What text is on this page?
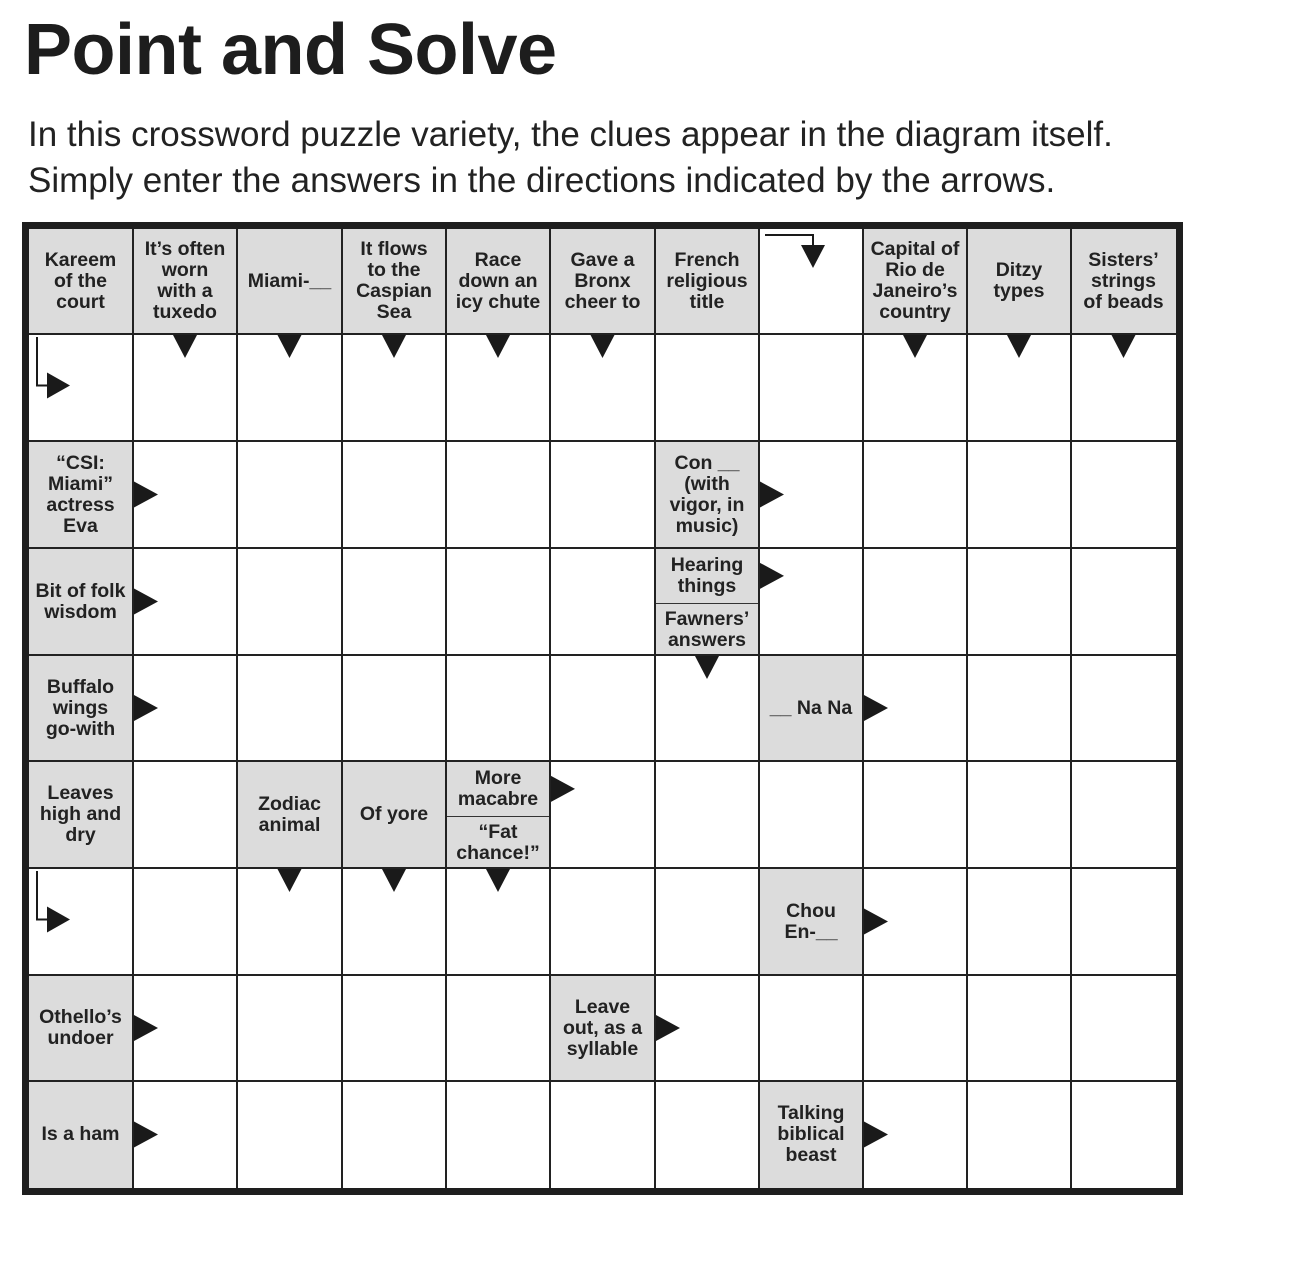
Point and Solve
In this crossword puzzle variety, the clues appear in the diagram itself.
Simply enter the answers in the directions indicated by the arrows.
Kareem
of the
court
It’s often
worn
with a
tuxedo
Miami-__
It flows
to the
Caspian
Sea
Race
down an
icy chute
Gave a
Bronx
cheer to
French
religious
title
Capital of
Rio de
Janeiro’s
country
Ditzy
types
Sisters’
strings
of beads
“CSI:
Miami”
actress
Eva
Con __
(with
vigor, in
music)
Bit of folk
wisdom
Hearing
things
Fawners’
answers
Buffalo
wings
go-with
__ Na Na
Leaves
high and
dry
Zodiac
animal Of yore
More
macabre
“Fat
chance!”
Chou
En-__
Othello’s
undoer
Leave
out, as a
syllable
Is a ham
Talking
biblical
beast
